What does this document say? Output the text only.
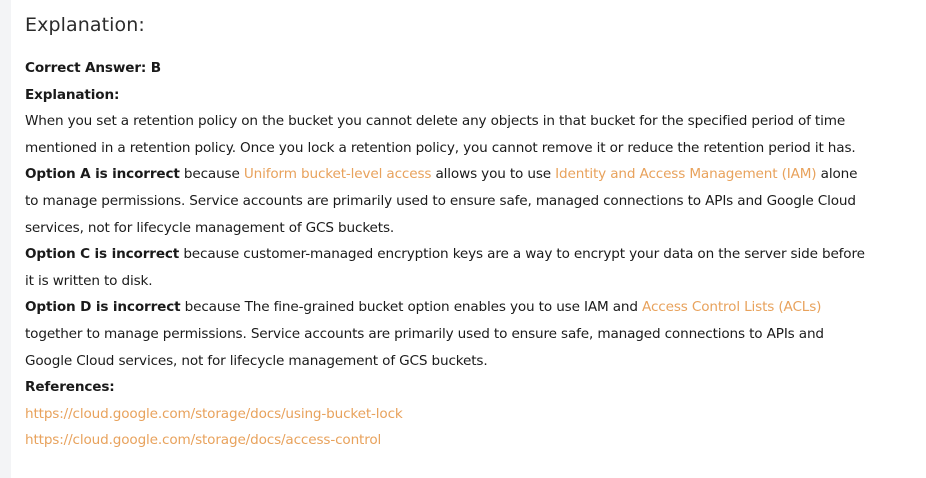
Explanation:

Correct Answer: B

Explanation:

When you set a retention policy on the bucket you cannot delete any objects in that bucket for the specified period of time mentioned in a retention policy. Once you lock a retention policy, you cannot remove it or reduce the retention period it has.

Option A is incorrect because Uniform bucket-level access allows you to use Identity and Access Management (IAM) alone to manage permissions. Service accounts are primarily used to ensure safe, managed connections to APIs and Google Cloud services, not for lifecycle management of GCS buckets.

Option C is incorrect because customer-managed encryption keys are a way to encrypt your data on the server side before it is written to disk.

Option D is incorrect because The fine-grained bucket option enables you to use IAM and Access Control Lists (ACLs) together to manage permissions. Service accounts are primarily used to ensure safe, managed connections to APIs and Google Cloud services, not for lifecycle management of GCS buckets.

References:

https://cloud.google.com/storage/docs/using-bucket-lock

https://cloud.google.com/storage/docs/access-control
